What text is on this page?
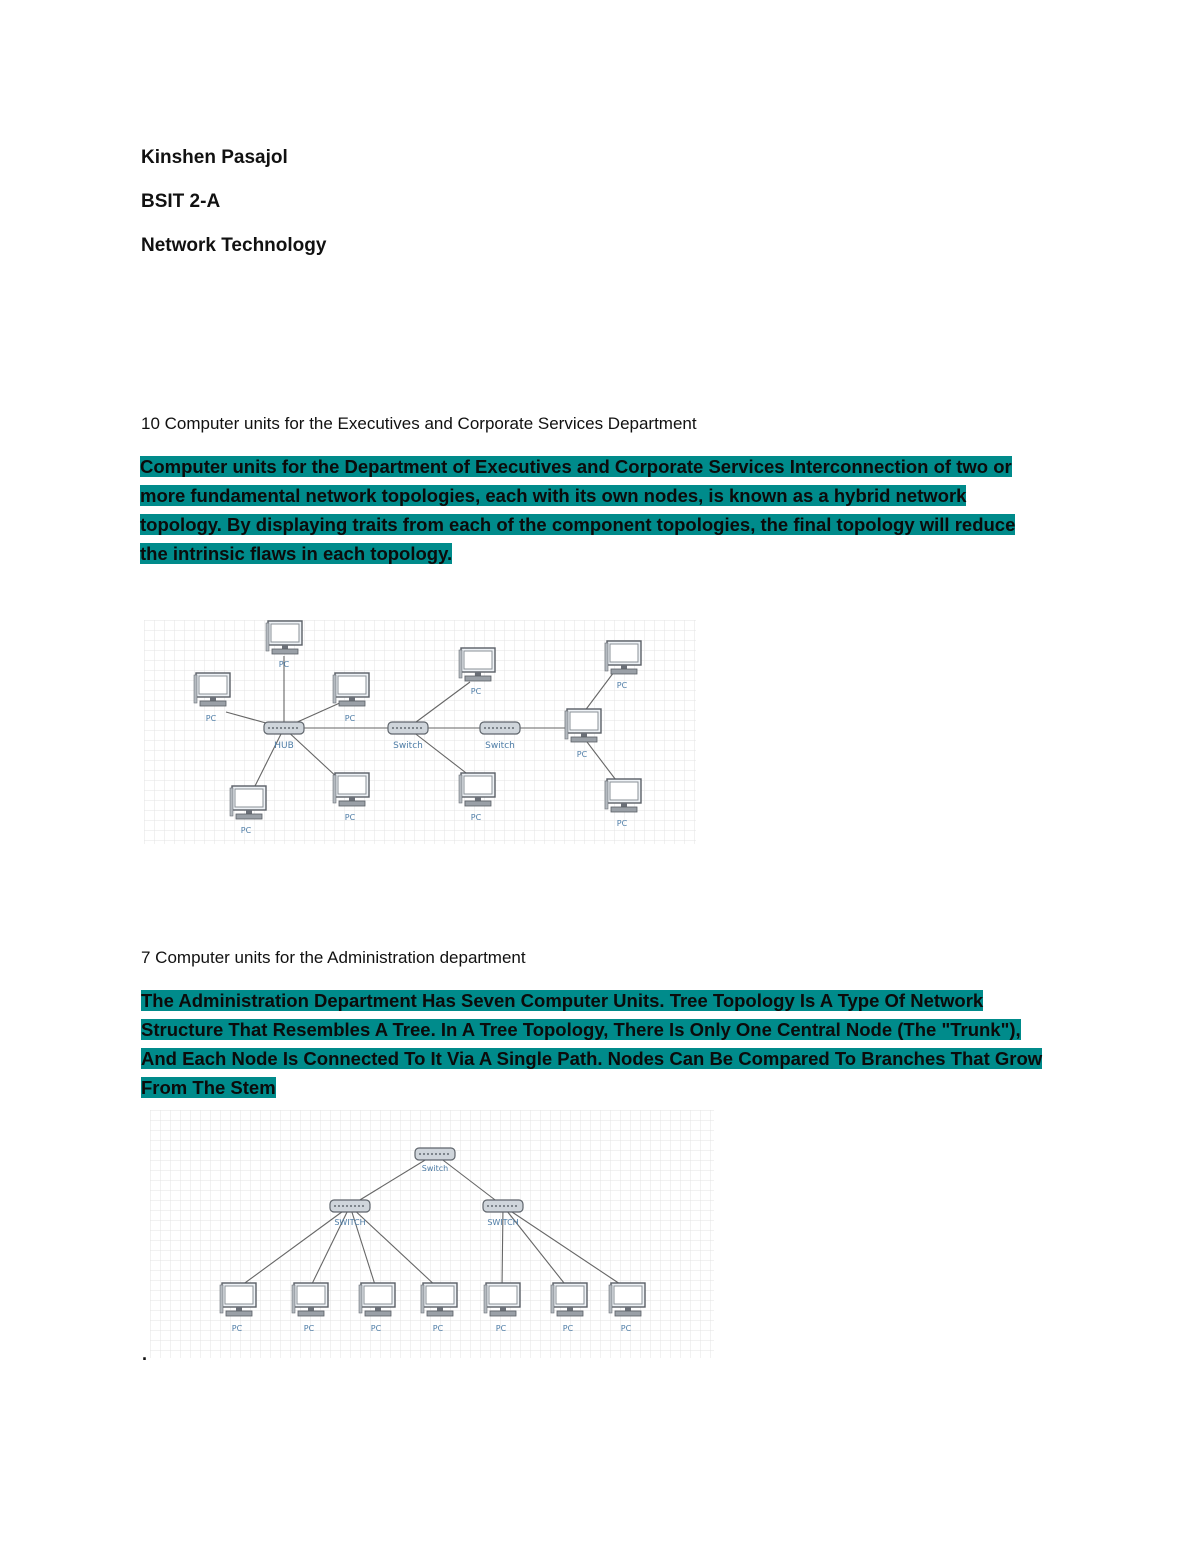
Kinshen Pasajol

BSIT 2-A

Network Technology

10 Computer units for the Executives and Corporate Services Department

Computer units for the Department of Executives and Corporate Services Interconnection of two or more fundamental network topologies, each with its own nodes, is known as a hybrid network topology. By displaying traits from each of the component topologies, the final topology will reduce the intrinsic flaws in each topology.

HUB	Switch	Switch
PC
PC	PC
PC
PC
PC
PC
PC
PC
PC

7 Computer units for the Administration department

The Administration Department Has Seven Computer Units. Tree Topology Is A Type Of Network Structure That Resembles A Tree. In A Tree Topology, There Is Only One Central Node (The "Trunk"), And Each Node Is Connected To It Via A Single Path. Nodes Can Be Compared To Branches That Grow From The Stem

Switch
SWITCH	SWITCH
PC	PC	PC	PC	PC	PC	PC
.
